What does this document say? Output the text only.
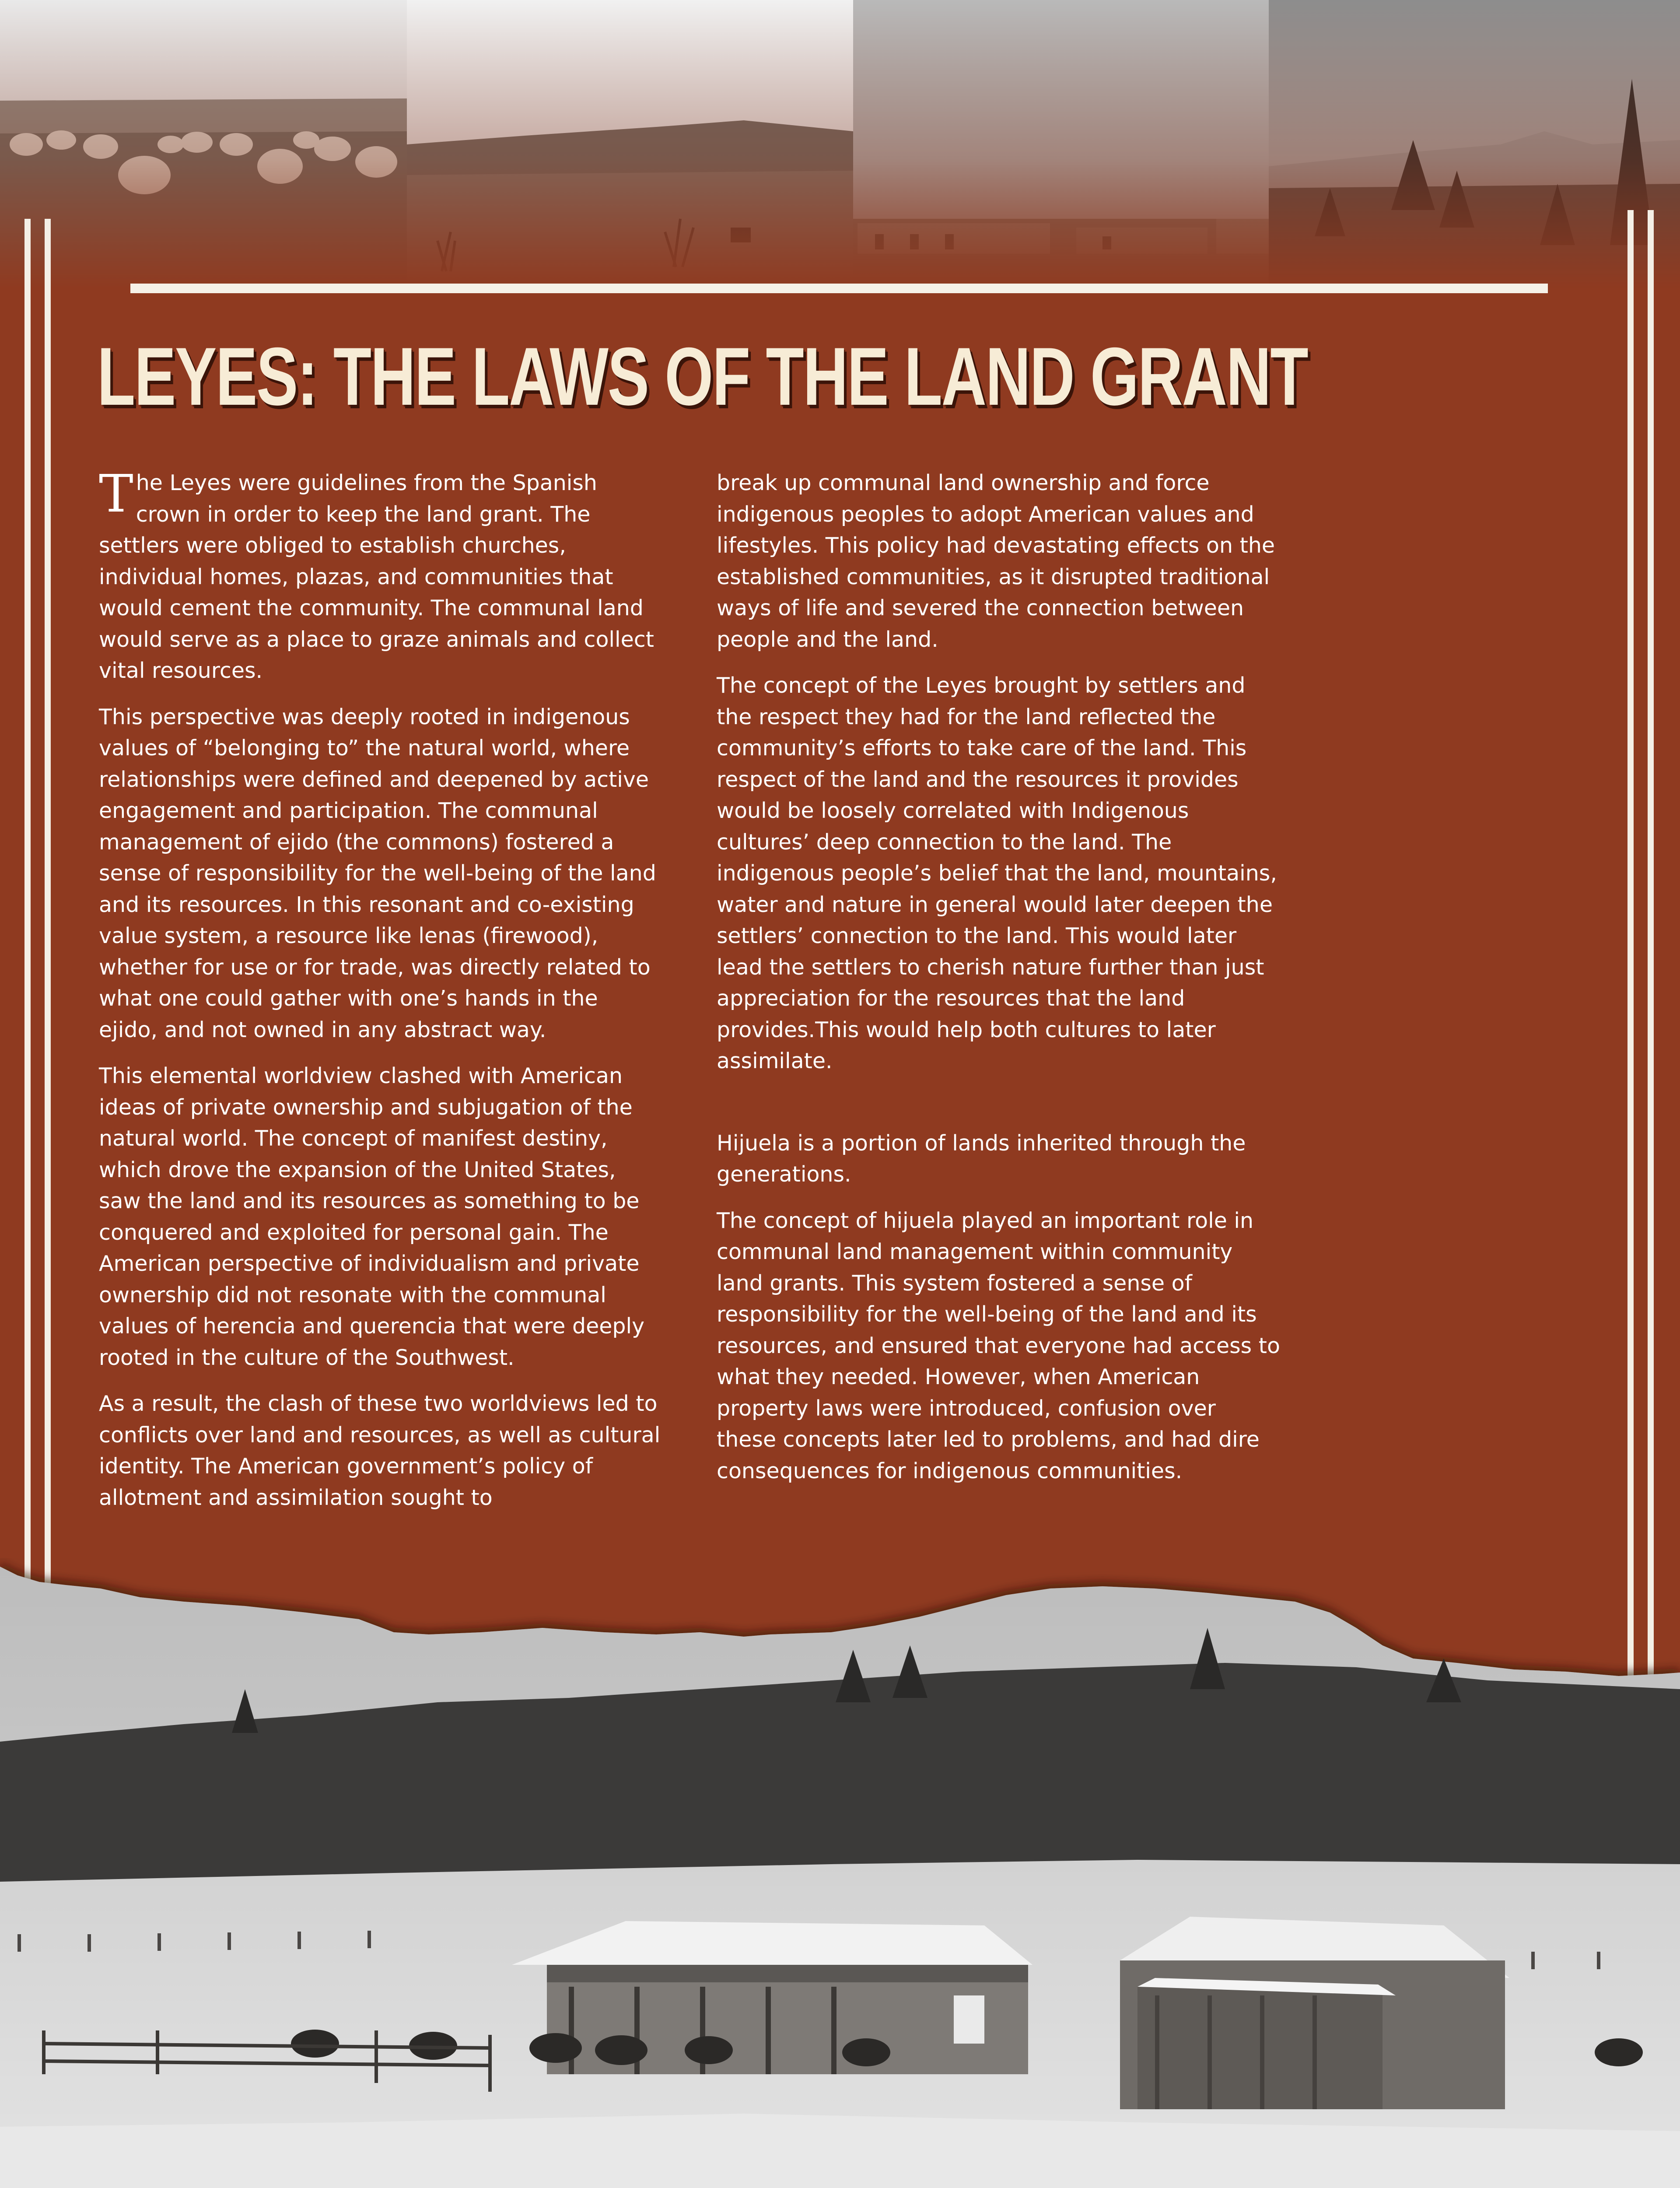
LEYES: THE LAWS OF THE LAND GRANT

The Leyes were guidelines from the Spanish crown in order to keep the land grant. The settlers were obliged to establish churches, individual homes, plazas, and communities that would cement the community. The communal land would serve as a place to graze animals and collect vital resources.

This perspective was deeply rooted in indigenous values of “belonging to” the natural world, where relationships were defined and deepened by active engagement and participation. The communal management of ejido (the commons) fostered a sense of responsibility for the well-being of the land and its resources. In this resonant and co-existing value system, a resource like lenas (firewood), whether for use or for trade, was directly related to what one could gather with one’s hands in the ejido, and not owned in any abstract way.

This elemental worldview clashed with American ideas of private ownership and subjugation of the natural world. The concept of manifest destiny, which drove the expansion of the United States, saw the land and its resources as something to be conquered and exploited for personal gain. The American perspective of individualism and private ownership did not resonate with the communal values of herencia and querencia that were deeply rooted in the culture of the Southwest.

As a result, the clash of these two worldviews led to conflicts over land and resources, as well as cultural identity. The American government’s policy of allotment and assimilation sought to

break up communal land ownership and force indigenous peoples to adopt American values and lifestyles. This policy had devastating effects on the established communities, as it disrupted traditional ways of life and severed the connection between people and the land.

The concept of the Leyes brought by settlers and the respect they had for the land reflected the community’s efforts to take care of the land. This respect of the land and the resources it provides would be loosely correlated with Indigenous cultures’ deep connection to the land. The indigenous people’s belief that the land, mountains, water and nature in general would later deepen the settlers’ connection to the land. This would later lead the settlers to cherish nature further than just appreciation for the resources that the land provides.This would help both cultures to later assimilate.

Hijuela is a portion of lands inherited through the generations.

The concept of hijuela played an important role in communal land management within community land grants. This system fostered a sense of responsibility for the well-being of the land and its resources, and ensured that everyone had access to what they needed. However, when American property laws were introduced, confusion over these concepts later led to problems, and had dire consequences for indigenous communities.
